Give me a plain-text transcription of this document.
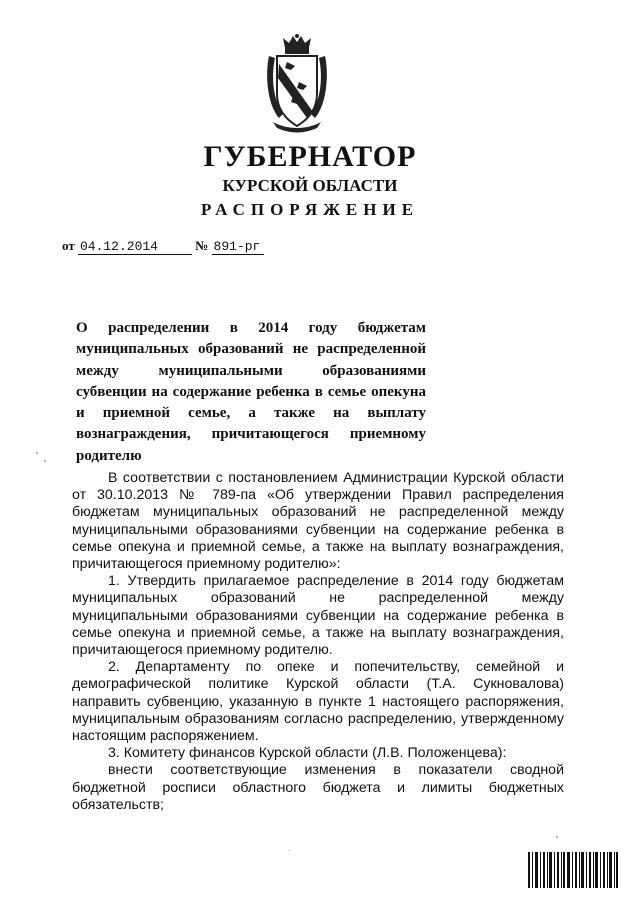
ГУБЕРНАТОР
КУРСКОЙ ОБЛАСТИ
РАСПОРЯЖЕНИЕ
от 04.12.2014	№ 891-рг
О распределении в 2014 году бюджетам муниципальных образований не распределенной между муниципальными образованиями субвенции на содержание ребенка в семье опекуна и приемной семье, а также на выплату вознаграждения, причитающегося приемному родителю

В соответствии с постановлением Администрации Курской области от 30.10.2013 № 789-па «Об утверждении Правил распределения бюджетам муниципальных образований не распределенной между муниципальными образованиями субвенции на содержание ребенка в семье опекуна и приемной семье, а также на выплату вознаграждения, причитающегося приемному родителю»:

1. Утвердить прилагаемое распределение в 2014 году бюджетам муниципальных образований не распределенной между муниципальными образованиями субвенции на содержание ребенка в семье опекуна и приемной семье, а также на выплату вознаграждения, причитающегося приемному родителю.

2. Департаменту по опеке и попечительству, семейной и демографической политике Курской области (Т.А. Сукновалова) направить субвенцию, указанную в пункте 1 настоящего распоряжения, муниципальным образованиям согласно распределению, утвержденному настоящим распоряжением.

3. Комитету финансов Курской области (Л.В. Положенцева):

внести соответствующие изменения в показатели сводной бюджетной росписи областного бюджета и лимиты бюджетных обязательств;
